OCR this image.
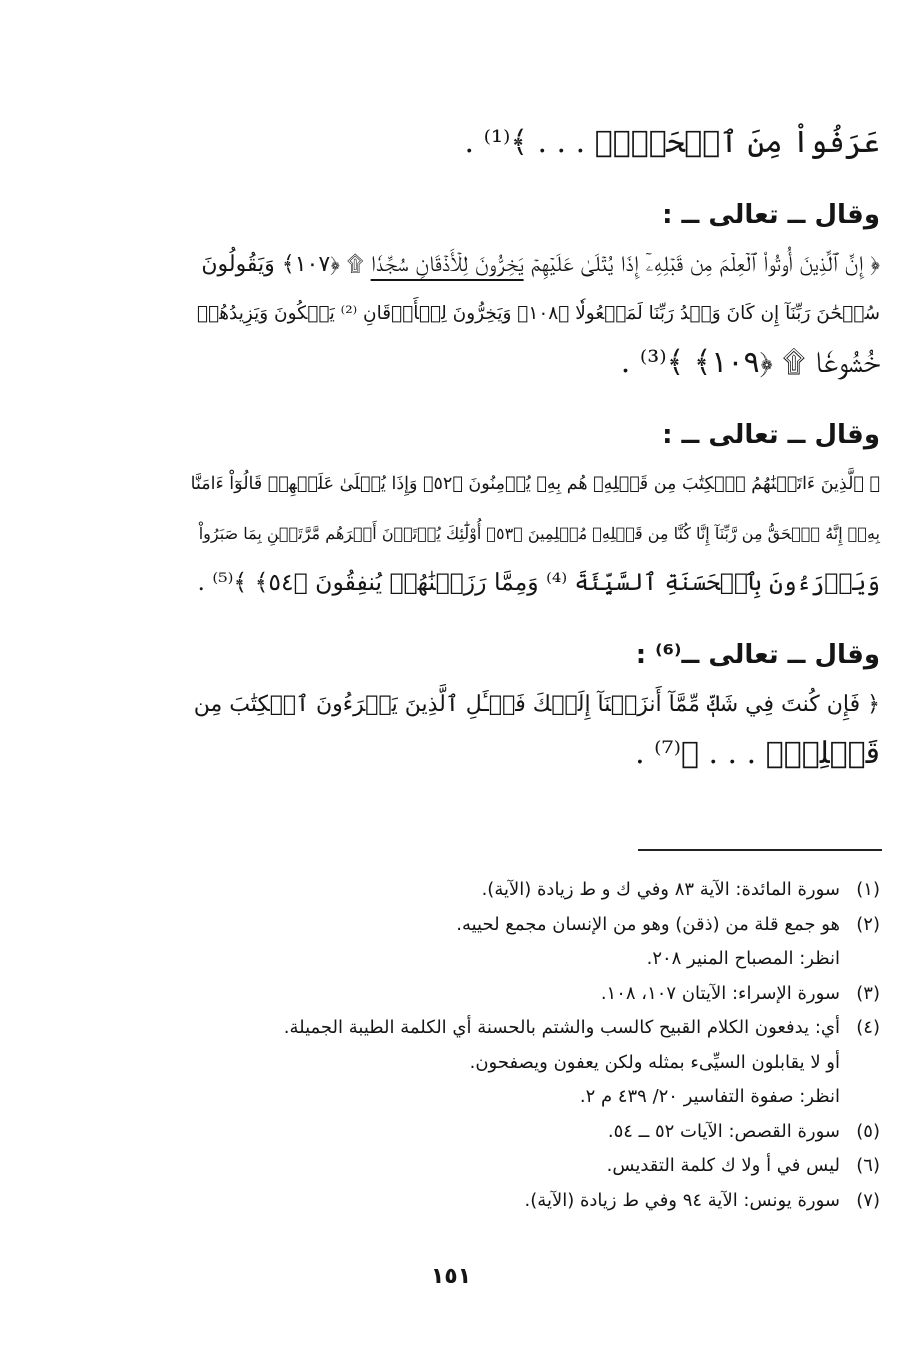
عَرَفُواْ مِنَ ٱلۡحَقِّۖ . . . ﴾⁽¹⁾ .
وقال ــ تعالى ــ :
﴿ إِنَّ ٱلَّذِينَ أُوتُواْ ٱلۡعِلۡمَ مِن قَبۡلِهِۦٓ إِذَا يُتۡلَىٰ عَلَيۡهِمۡ يَخِرُّونَ لِلۡأَذۡقَانِ سُجَّدٗا ۩ ﴿١٠٧﴾ وَيَقُولُونَ
سُبۡحَٰنَ رَبِّنَآ إِن كَانَ وَعۡدُ رَبِّنَا لَمَفۡعُولٗا ﴿١٠٨﴾ وَيَخِرُّونَ لِلۡأَذۡقَانِ ⁽²⁾ يَبۡكُونَ وَيَزِيدُهُمۡ
خُشُوعٗا ۩ ﴿١٠٩﴾ ﴾⁽³⁾ .
وقال ــ تعالى ــ :
﴿ ٱلَّذِينَ ءَاتَيۡنَٰهُمُ ٱلۡكِتَٰبَ مِن قَبۡلِهِۦ هُم بِهِۦ يُؤۡمِنُونَ ﴿٥٢﴾ وَإِذَا يُتۡلَىٰ عَلَيۡهِمۡ قَالُوٓاْ ءَامَنَّا
بِهِۦٓ إِنَّهُ ٱلۡحَقُّ مِن رَّبِّنَآ إِنَّا كُنَّا مِن قَبۡلِهِۦ مُسۡلِمِينَ ﴿٥٣﴾ أُوْلَٰٓئِكَ يُؤۡتَوۡنَ أَجۡرَهُم مَّرَّتَيۡنِ بِمَا صَبَرُواْ
وَيَدۡرَءُونَ بِٱلۡحَسَنَةِ ٱلسَّيِّئَةَ ⁽⁴⁾ وَمِمَّا رَزَقۡنَٰهُمۡ يُنفِقُونَ ﴿٥٤﴾ ﴾⁽⁵⁾ .
وقال ــ تعالى ــ⁽⁶⁾ :
﴿ فَإِن كُنتَ فِي شَكّٖ مِّمَّآ أَنزَلۡنَآ إِلَيۡكَ فَسۡـَٔلِ ٱلَّذِينَ يَقۡرَءُونَ ٱلۡكِتَٰبَ مِن
قَبۡلِكَۚ . . . ﴾⁽⁷⁾ .
(١)
سورة المائدة: الآية ٨٣ وفي ك و ط زيادة (الآية).
(٢)
هو جمع قلة من (ذقن) وهو من الإنسان مجمع لحييه.
انظر: المصباح المنير ٢٠٨.
(٣)
سورة الإسراء: الآيتان ١٠٧، ١٠٨.
(٤)
أي: يدفعون الكلام القبيح كالسب والشتم بالحسنة أي الكلمة الطيبة الجميلة.
أو لا يقابلون السيِّىء بمثله ولكن يعفون ويصفحون.
انظر: صفوة التفاسير ٢٠/ ٤٣٩ م ٢.
(٥)
سورة القصص: الآيات ٥٢ ــ ٥٤.
(٦)
ليس في أ ولا ك كلمة التقديس.
(٧)
سورة يونس: الآية ٩٤ وفي ط زيادة (الآية).
١٥١
